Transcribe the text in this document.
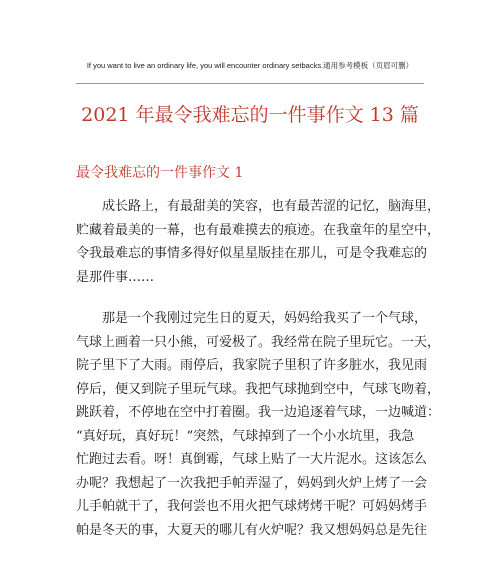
If you want to live an ordinary life, you will encounter ordinary setbacks.通用参考模板（页眉可删）
2021 年最令我难忘的一件事作文 13 篇
最令我难忘的一件事作文 1
成长路上，有最甜美的笑容，也有最苦涩的记忆，脑海里，
贮藏着最美的一幕，也有最难摸去的痕迹。在我童年的星空中，
令我最难忘的事情多得好似星星版挂在那儿，可是令我难忘的
是那件事……
那是一个我刚过完生日的夏天，妈妈给我买了一个气球，
气球上画着一只小熊，可爱极了。我经常在院子里玩它。一天，
院子里下了大雨。雨停后，我家院子里积了许多脏水，我见雨
停后，便又到院子里玩气球。我把气球抛到空中，气球飞吻着，
跳跃着，不停地在空中打着圈。我一边追逐着气球，一边喊道：
“真好玩，真好玩！”突然，气球掉到了一个小水坑里，我急
忙跑过去看。呀！真倒霉，气球上贴了一大片泥水。这该怎么
办呢？我想起了一次我把手帕弄湿了，妈妈到火炉上烤了一会
儿手帕就干了，我何尝也不用火把气球烤烤干呢？可妈妈烤手
帕是冬天的事，大夏天的哪儿有火炉呢？我又想妈妈总是先往
